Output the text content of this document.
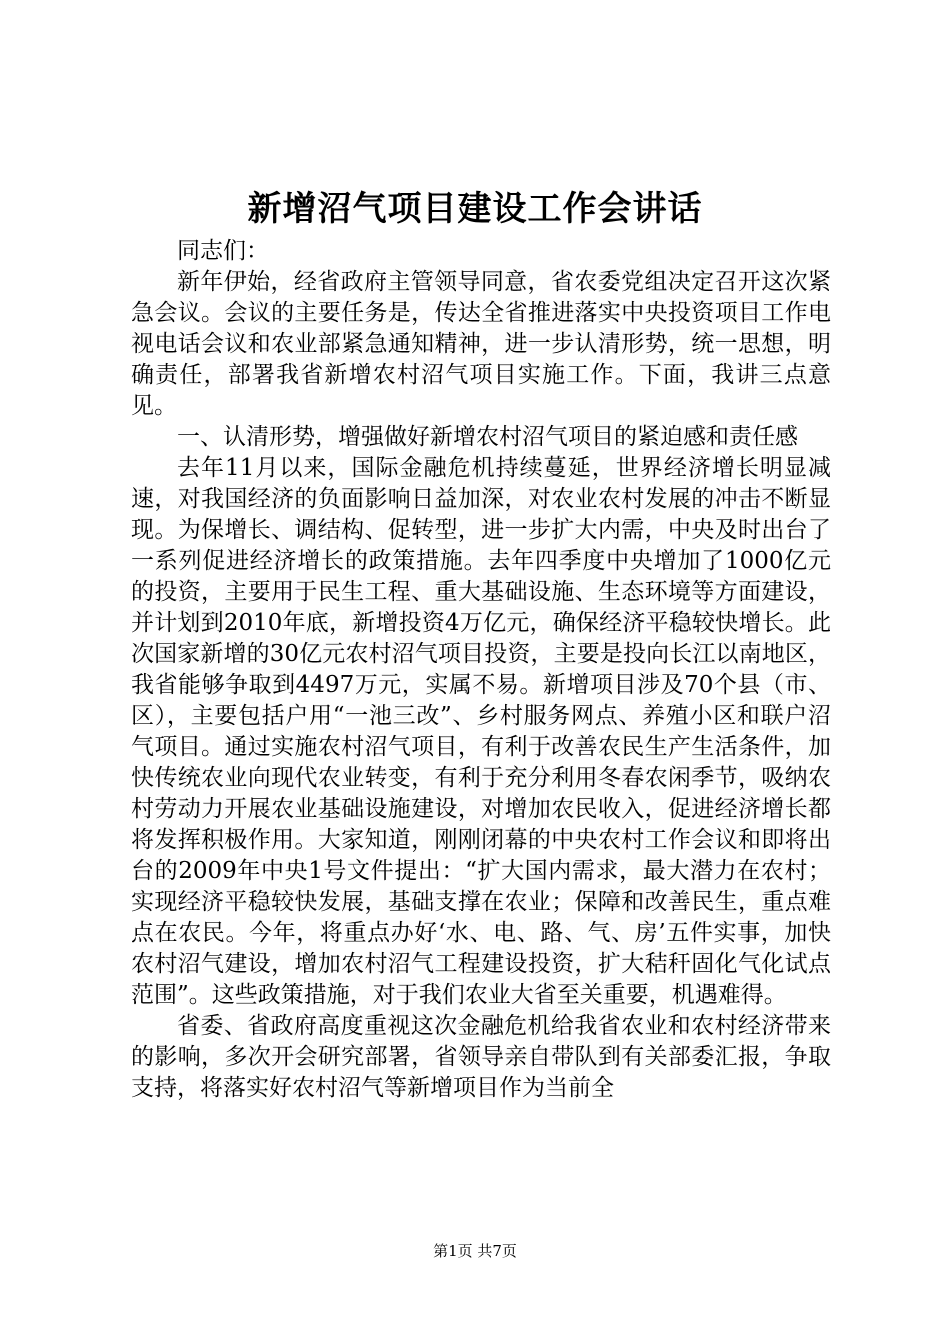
新增沼气项目建设工作会讲话

同志们：

新年伊始，经省政府主管领导同意，省农委党组决定召开这次紧急会议。会议的主要任务是，传达全省推进落实中央投资项目工作电视电话会议和农业部紧急通知精神，进一步认清形势，统一思想，明确责任，部署我省新增农村沼气项目实施工作。下面，我讲三点意见。

一、认清形势，增强做好新增农村沼气项目的紧迫感和责任感

去年11月以来，国际金融危机持续蔓延，世界经济增长明显减速，对我国经济的负面影响日益加深，对农业农村发展的冲击不断显现。为保增长、调结构、促转型，进一步扩大内需，中央及时出台了一系列促进经济增长的政策措施。去年四季度中央增加了1000亿元的投资，主要用于民生工程、重大基础设施、生态环境等方面建设，并计划到2010年底，新增投资4万亿元，确保经济平稳较快增长。此次国家新增的30亿元农村沼气项目投资，主要是投向长江以南地区，我省能够争取到4497万元，实属不易。新增项目涉及70个县（市、区），主要包括户用“一池三改”、乡村服务网点、养殖小区和联户沼气项目。通过实施农村沼气项目，有利于改善农民生产生活条件，加快传统农业向现代农业转变，有利于充分利用冬春农闲季节，吸纳农村劳动力开展农业基础设施建设，对增加农民收入，促进经济增长都将发挥积极作用。大家知道，刚刚闭幕的中央农村工作会议和即将出台的2009年中央1号文件提出：“扩大国内需求，最大潜力在农村；实现经济平稳较快发展，基础支撑在农业；保障和改善民生，重点难点在农民。今年，将重点办好‘水、电、路、气、房’五件实事，加快农村沼气建设，增加农村沼气工程建设投资，扩大秸秆固化气化试点范围”。这些政策措施，对于我们农业大省至关重要，机遇难得。

省委、省政府高度重视这次金融危机给我省农业和农村经济带来的影响，多次开会研究部署，省领导亲自带队到有关部委汇报，争取支持，将落实好农村沼气等新增项目作为当前全

第1页 共7页
